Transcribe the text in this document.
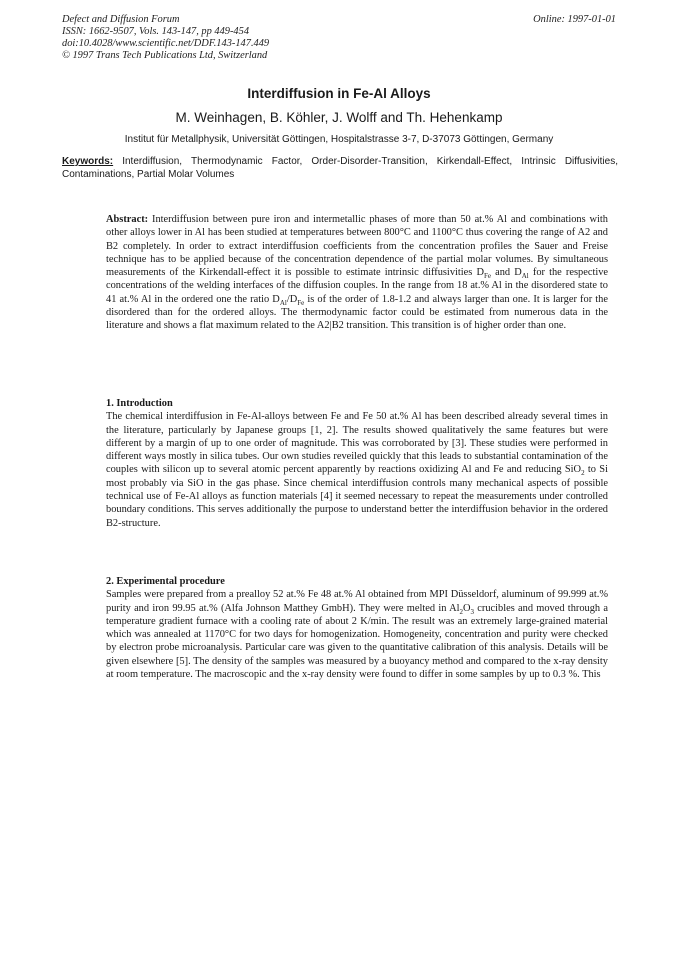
Defect and Diffusion Forum
ISSN: 1662-9507, Vols. 143-147, pp 449-454
doi:10.4028/www.scientific.net/DDF.143-147.449
© 1997 Trans Tech Publications Ltd, Switzerland
Online: 1997-01-01
Interdiffusion in Fe-Al Alloys
M. Weinhagen, B. Köhler, J. Wolff and Th. Hehenkamp
Institut für Metallphysik, Universität Göttingen, Hospitalstrasse 3-7, D-37073 Göttingen, Germany
Keywords: Interdiffusion, Thermodynamic Factor, Order-Disorder-Transition, Kirkendall-Effect, Intrinsic Diffusivities, Contaminations, Partial Molar Volumes

Abstract: Interdiffusion between pure iron and intermetallic phases of more than 50 at.% Al and combinations with other alloys lower in Al has been studied at temperatures between 800°C and 1100°C thus covering the range of A2 and B2 completely. In order to extract interdiffusion coefficients from the concentration profiles the Sauer and Freise technique has to be applied because of the concentration dependence of the partial molar volumes. By simultaneous measurements of the Kirkendall-effect it is possible to estimate intrinsic diffusivities $D_{Fe}$ and $D_{Al}$ for the respective concentrations of the welding interfaces of the diffusion couples. In the range from 18 at.% Al in the disordered state to 41 at.% Al in the ordered one the ratio $D_{Al}/D_{Fe}$ is of the order of 1.8-1.2 and always larger than one. It is larger for the disordered than for the ordered alloys. The thermodynamic factor could be estimated from numerous data in the literature and shows a flat maximum related to the A2|B2 transition. This transition is of higher order than one.

1. Introduction

The chemical interdiffusion in Fe-Al-alloys between Fe and Fe 50 at.% Al has been described already several times in the literature, particularly by Japanese groups [1, 2]. The results showed qualitatively the same features but were different by a margin of up to one order of magnitude. This was corroborated by [3]. These studies were performed in different ways mostly in silica tubes. Our own studies reveiled quickly that this leads to substantial contamination of the couples with silicon up to several atomic percent apparently by reactions oxidizing Al and Fe and reducing SiO$_2$ to Si most probably via SiO in the gas phase. Since chemical interdiffusion controls many mechanical aspects of possible technical use of Fe-Al alloys as function materials [4] it seemed necessary to repeat the measurements under controlled boundary conditions. This serves additionally the purpose to understand better the interdiffusion behavior in the ordered B2-structure.

2. Experimental procedure

Samples were prepared from a prealloy 52 at.% Fe 48 at.% Al obtained from MPI Düsseldorf, aluminum of 99.999 at.% purity and iron 99.95 at.% (Alfa Johnson Matthey GmbH). They were melted in $Al_2O_3$ crucibles and moved through a temperature gradient furnace with a cooling rate of about 2 K/min. The result was an extremely large-grained material which was annealed at 1170°C for two days for homogenization. Homogeneity, concentration and purity were checked by electron probe microanalysis. Particular care was given to the quantitative calibration of this analysis. Details will be given elsewhere [5]. The density of the samples was measured by a buoyancy method and compared to the x-ray density at room temperature. The macroscopic and the x-ray density were found to differ in some samples by up to 0.3 %. This
